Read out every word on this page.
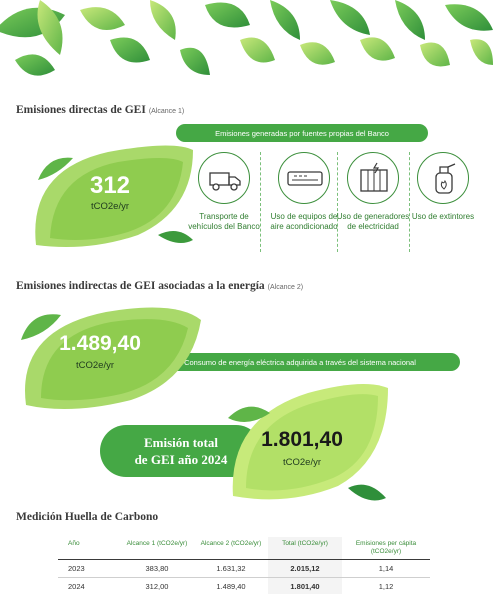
Emisiones directas de GEI (Alcance 1)
Emisiones generadas por fuentes propias del Banco
312
tCO2e/yr
Transporte de vehículos del Banco
Uso de equipos de aire acondicionado
Uso de generadores de electricidad
Uso de extintores
Emisiones indirectas de GEI asociadas a la energía (Alcance 2)
Consumo de energía eléctrica adquirida a través del sistema nacional
1.489,40
tCO2e/yr
Emisión total
de GEI año 2024
1.801,40
tCO2e/yr
Medición Huella de Carbono
Año	Alcance 1 (tCO2e/yr)	Alcance 2 (tCO2e/yr)	Total (tCO2e/yr)	Emisiones per cápita (tCO2e/yr)
2023	383,80	1.631,32	2.015,12	1,14
2024	312,00	1.489,40	1.801,40	1,12
